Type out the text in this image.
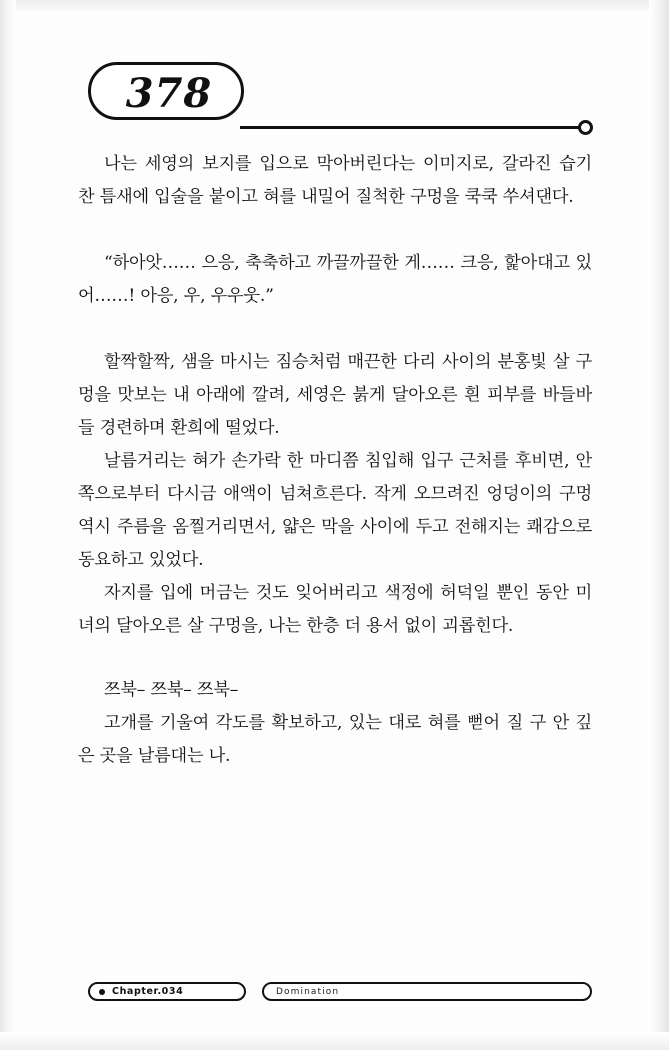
378

나는 세영의 보지를 입으로 막아버린다는 이미지로, 갈라진 습기 찬 틈새에 입술을 붙이고 혀를 내밀어 질척한 구멍을 쿡쿡 쑤셔댄다.

“하아앗…… 으응, 축축하고 까끌까끌한 게…… 크응, 핥아대고 있어……! 아응, 우, 우우웃.”

할짝할짝, 샘을 마시는 짐승처럼 매끈한 다리 사이의 분홍빛 살 구멍을 맛보는 내 아래에 깔려, 세영은 붉게 달아오른 흰 피부를 바들바들 경련하며 환희에 떨었다.

날름거리는 혀가 손가락 한 마디쯤 침입해 입구 근처를 후비면, 안쪽으로부터 다시금 애액이 넘쳐흐른다. 작게 오므려진 엉덩이의 구멍 역시 주름을 옴찔거리면서, 얇은 막을 사이에 두고 전해지는 쾌감으로 동요하고 있었다.

자지를 입에 머금는 것도 잊어버리고 색정에 허덕일 뿐인 동안 미녀의 달아오른 살 구멍을, 나는 한층 더 용서 없이 괴롭힌다.

쯔북– 쯔북– 쯔북–

고개를 기울여 각도를 확보하고, 있는 대로 혀를 뻗어 질 구 안 깊은 곳을 날름대는 나.

Chapter.034	Domination
